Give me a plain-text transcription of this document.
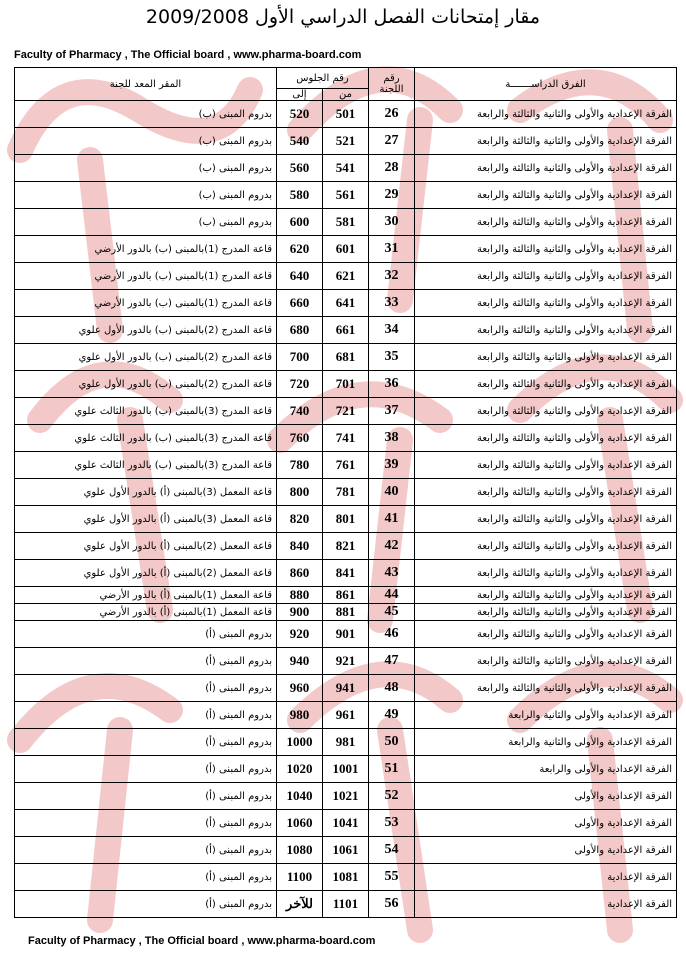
مقار إمتحانات الفصل الدراسي الأول 2009/2008
Faculty of Pharmacy , The Official board , www.pharma-board.com
الفرق الدراســـــــة	رقم اللجنة	رقم الجلوس		المقر المعد للجنة
		من	إلى	
الفرقة الإعدادية والأولى والثانية والثالثة والرابعة	26	501	520	بدروم المبنى (ب)
الفرقة الإعدادية والأولى والثانية والثالثة والرابعة	27	521	540	بدروم المبنى (ب)
الفرقة الإعدادية والأولى والثانية والثالثة والرابعة	28	541	560	بدروم المبنى (ب)
الفرقة الإعدادية والأولى والثانية والثالثة والرابعة	29	561	580	بدروم المبنى (ب)
الفرقة الإعدادية والأولى والثانية والثالثة والرابعة	30	581	600	بدروم المبنى (ب)
الفرقة الإعدادية والأولى والثانية والثالثة والرابعة	31	601	620	قاعة المدرج (1)بالمبنى (ب) بالدور الأرضي
الفرقة الإعدادية والأولى والثانية والثالثة والرابعة	32	621	640	قاعة المدرج (1)بالمبنى (ب) بالدور الأرضي
الفرقة الإعدادية والأولى والثانية والثالثة والرابعة	33	641	660	قاعة المدرج (1)بالمبنى (ب) بالدور الأرضي
الفرقة الإعدادية والأولى والثانية والثالثة والرابعة	34	661	680	قاعة المدرج (2)بالمبنى (ب) بالدور الأول علوي
الفرقة الإعدادية والأولى والثانية والثالثة والرابعة	35	681	700	قاعة المدرج (2)بالمبنى (ب) بالدور الأول علوي
الفرقة الإعدادية والأولى والثانية والثالثة والرابعة	36	701	720	قاعة المدرج (2)بالمبنى (ب) بالدور الأول علوي
الفرقة الإعدادية والأولى والثانية والثالثة والرابعة	37	721	740	قاعة المدرج (3)بالمبنى (ب) بالدور الثالث علوي
الفرقة الإعدادية والأولى والثانية والثالثة والرابعة	38	741	760	قاعة المدرج (3)بالمبنى (ب) بالدور الثالث علوي
الفرقة الإعدادية والأولى والثانية والثالثة والرابعة	39	761	780	قاعة المدرج (3)بالمبنى (ب) بالدور الثالث علوي
الفرقة الإعدادية والأولى والثانية والثالثة والرابعة	40	781	800	قاعة المعمل (3)بالمبنى (أ) بالدور الأول علوي
الفرقة الإعدادية والأولى والثانية والثالثة والرابعة	41	801	820	قاعة المعمل (3)بالمبنى (أ) بالدور الأول علوي
الفرقة الإعدادية والأولى والثانية والثالثة والرابعة	42	821	840	قاعة المعمل (2)بالمبنى (أ) بالدور الأول علوي
الفرقة الإعدادية والأولى والثانية والثالثة والرابعة	43	841	860	قاعة المعمل (2)بالمبنى (أ) بالدور الأول علوي
الفرقة الإعدادية والأولى والثانية والثالثة والرابعة	44	861	880	قاعة المعمل (1)بالمبنى (أ) بالدور الأرضي
الفرقة الإعدادية والأولى والثانية والثالثة والرابعة	45	881	900	قاعة المعمل (1)بالمبنى (أ) بالدور الأرضي
الفرقة الإعدادية والأولى والثانية والثالثة والرابعة	46	901	920	بدروم المبنى (أ)
الفرقة الإعدادية والأولى والثانية والثالثة والرابعة	47	921	940	بدروم المبنى (أ)
الفرقة الإعدادية والأولى والثانية والثالثة والرابعة	48	941	960	بدروم المبنى (أ)
الفرقة الإعدادية والأولى والثانية والرابعة	49	961	980	بدروم المبنى (أ)
الفرقة الإعدادية والأولى والثانية والرابعة	50	981	1000	بدروم المبنى (أ)
الفرقة الإعدادية والأولى والرابعة	51	1001	1020	بدروم المبنى (أ)
الفرقة الإعدادية والأولى	52	1021	1040	بدروم المبنى (أ)
الفرقة الإعدادية والأولى	53	1041	1060	بدروم المبنى (أ)
الفرقة الإعدادية والأولى	54	1061	1080	بدروم المبنى (أ)
الفرقة الإعدادية	55	1081	1100	بدروم المبنى (أ)
الفرقة الإعدادية	56	1101	للآخر	بدروم المبنى (أ)
Faculty of Pharmacy , The Official board , www.pharma-board.com
